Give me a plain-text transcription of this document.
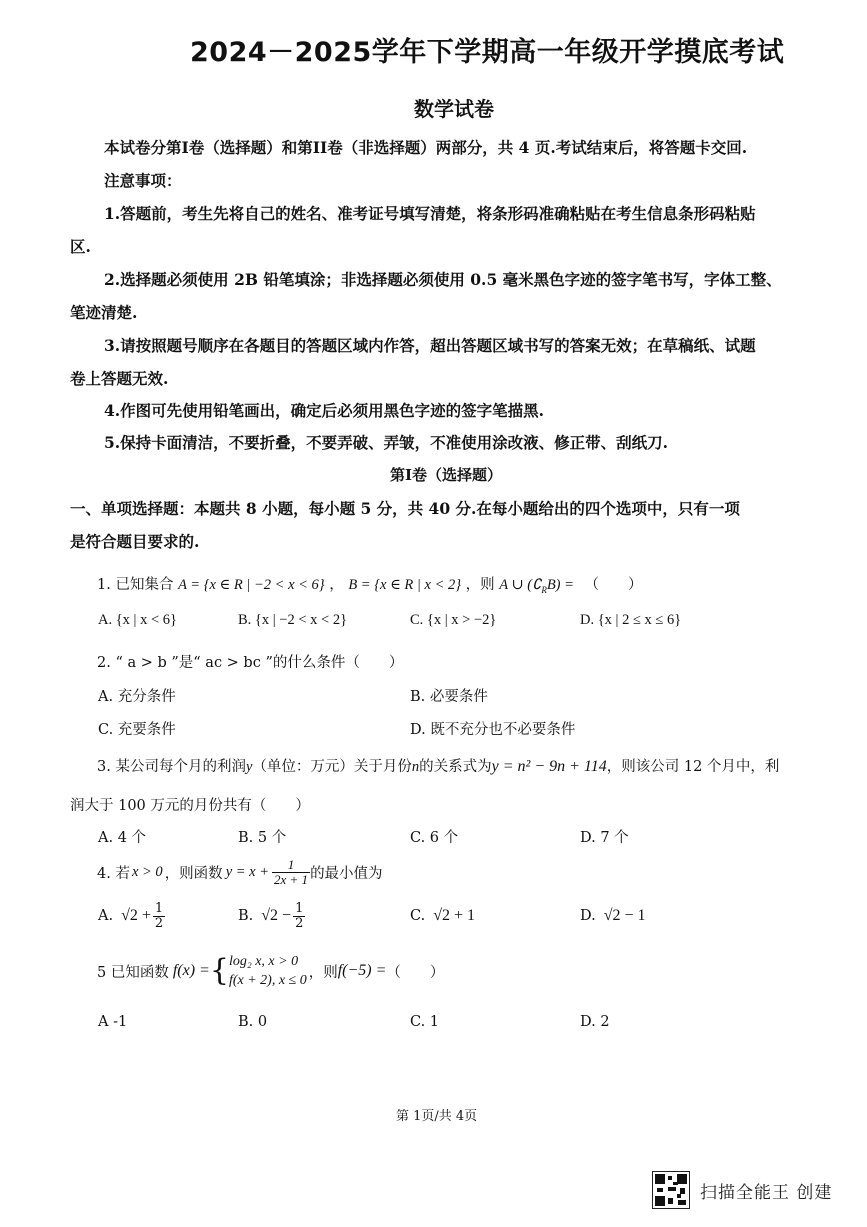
2024－2025学年下学期高一年级开学摸底考试
数学试卷
本试卷分第I卷（选择题）和第II卷（非选择题）两部分，共 4 页.考试结束后，将答题卡交回.
注意事项：
1.答题前，考生先将自己的姓名、准考证号填写清楚，将条形码准确粘贴在考生信息条形码粘贴
区.
2.选择题必须使用 2B 铅笔填涂；非选择题必须使用 0.5 毫米黑色字迹的签字笔书写，字体工整、
笔迹清楚.
3.请按照题号顺序在各题目的答题区域内作答，超出答题区域书写的答案无效；在草稿纸、试题
卷上答题无效.
4.作图可先使用铅笔画出，确定后必须用黑色字迹的签字笔描黑.
5.保持卡面清洁，不要折叠，不要弄破、弄皱，不准使用涂改液、修正带、刮纸刀.
第I卷（选择题）
一、单项选择题：本题共 8 小题，每小题 5 分，共 40 分.在每小题给出的四个选项中，只有一项
是符合题目要求的.
1. 已知集合 A = {x ∈ R | −2 < x < 6} ， B = {x ∈ R | x < 2} ，则 A ∪ $(∁_RB)$ = （　　）
A. {x | x < 6}	B. {x | −2 < x < 2}	C. {x | x > −2}	D. {x | 2 ≤ x ≤ 6}
2. “ a > b ”是“ ac > bc ”的什么条件（　　）
A. 充分条件	B. 必要条件
C. 充要条件	D. 既不充分也不必要条件
3. 某公司每个月的利润y（单位：万元）关于月份n的关系式为y = n² − 9n + 114，则该公司 12 个月中，利
润大于 100 万元的月份共有（　　）
A. 4 个	B. 5 个	C. 6 个	D. 7 个
4. 若 x > 0 ，则函数 $y = x + \frac{1}{2x + 1}$ 的最小值为
A. $√2 + \frac{1}{2}$	B. $√2 - \frac{1}{2}$	C. √2 + 1	D. √2 − 1
5 已知函数 f(x) = { log₂ x, x > 0
f(x + 2), x ≤ 0 ，则 f(−5) = （　　）
A -1	B. 0	C. 1	D. 2
第 1页/共 4页
扫描全能王 创建
